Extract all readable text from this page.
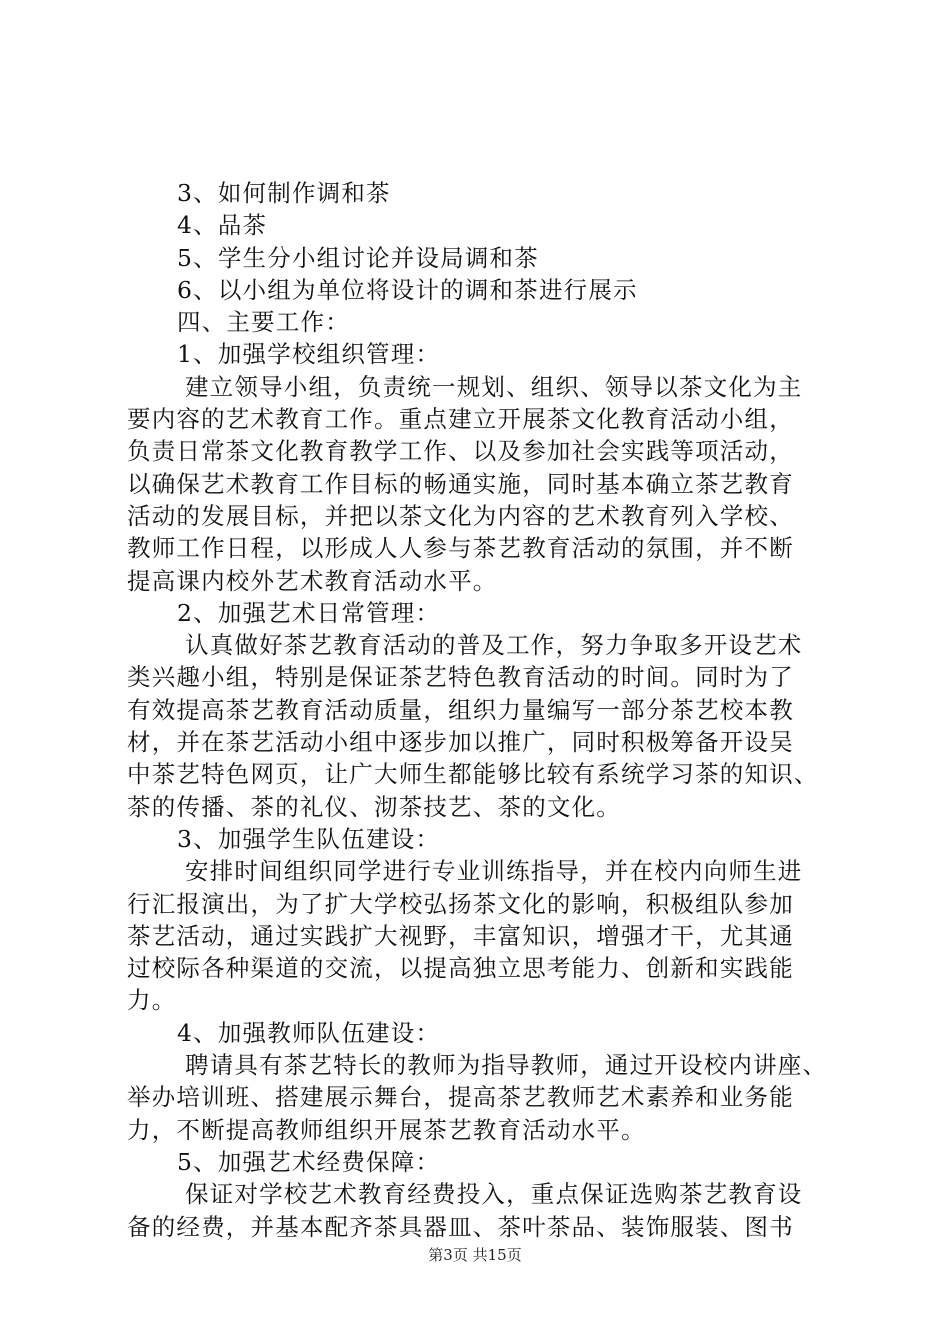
3、如何制作调和茶
4、品茶
5、学生分小组讨论并设局调和茶
6、以小组为单位将设计的调和茶进行展示
四、主要工作：
1、加强学校组织管理：
建立领导小组，负责统一规划、组织、领导以茶文化为主
要内容的艺术教育工作。重点建立开展茶文化教育活动小组，
负责日常茶文化教育教学工作、以及参加社会实践等项活动，
以确保艺术教育工作目标的畅通实施，同时基本确立茶艺教育
活动的发展目标，并把以茶文化为内容的艺术教育列入学校、
教师工作日程，以形成人人参与茶艺教育活动的氛围，并不断
提高课内校外艺术教育活动水平。
2、加强艺术日常管理：
认真做好茶艺教育活动的普及工作，努力争取多开设艺术
类兴趣小组，特别是保证茶艺特色教育活动的时间。同时为了
有效提高茶艺教育活动质量，组织力量编写一部分茶艺校本教
材，并在茶艺活动小组中逐步加以推广，同时积极筹备开设吴
中茶艺特色网页，让广大师生都能够比较有系统学习茶的知识、
茶的传播、茶的礼仪、沏茶技艺、茶的文化。
3、加强学生队伍建设：
安排时间组织同学进行专业训练指导，并在校内向师生进
行汇报演出，为了扩大学校弘扬茶文化的影响，积极组队参加
茶艺活动，通过实践扩大视野，丰富知识，增强才干，尤其通
过校际各种渠道的交流，以提高独立思考能力、创新和实践能
力。
4、加强教师队伍建设：
聘请具有茶艺特长的教师为指导教师，通过开设校内讲座、
举办培训班、搭建展示舞台，提高茶艺教师艺术素养和业务能
力，不断提高教师组织开展茶艺教育活动水平。
5、加强艺术经费保障：
保证对学校艺术教育经费投入，重点保证选购茶艺教育设
备的经费，并基本配齐茶具器皿、茶叶茶品、装饰服装、图书
第3页 共15页
